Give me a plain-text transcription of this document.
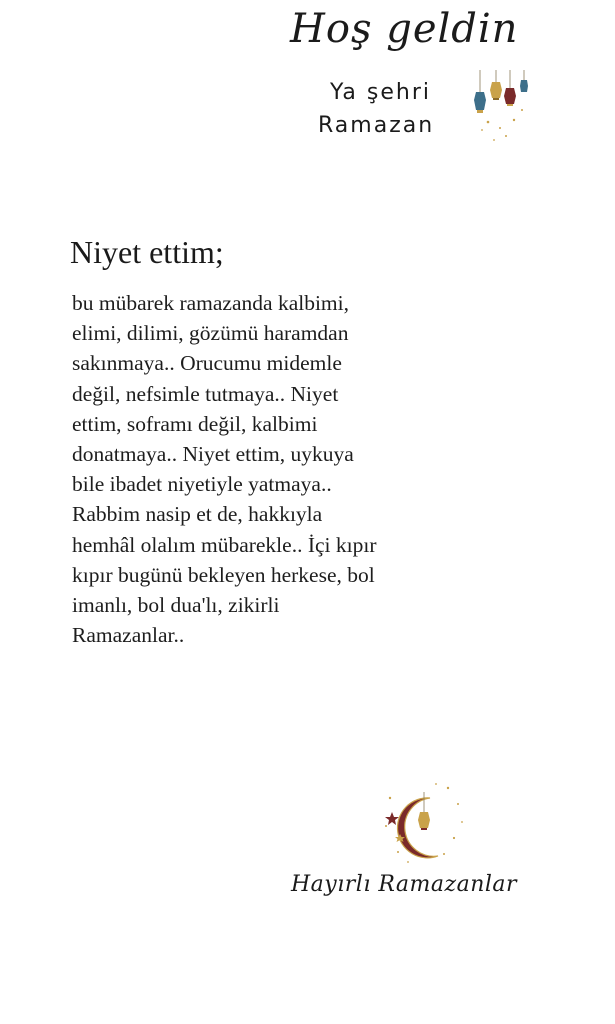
Hoş geldin
Ya şehri
Ramazan
Niyet ettim;
bu mübarek ramazanda kalbimi,
elimi, dilimi, gözümü haramdan
sakınmaya.. Orucumu midemle
değil, nefsimle tutmaya.. Niyet
ettim, soframı değil, kalbimi
donatmaya.. Niyet ettim, uykuya
bile ibadet niyetiyle yatmaya..
Rabbim nasip et de, hakkıyla
hemhâl olalım mübarekle.. İçi kıpır
kıpır bugünü bekleyen herkese, bol
imanlı, bol dua'lı, zikirli
Ramazanlar..
Hayırlı Ramazanlar
